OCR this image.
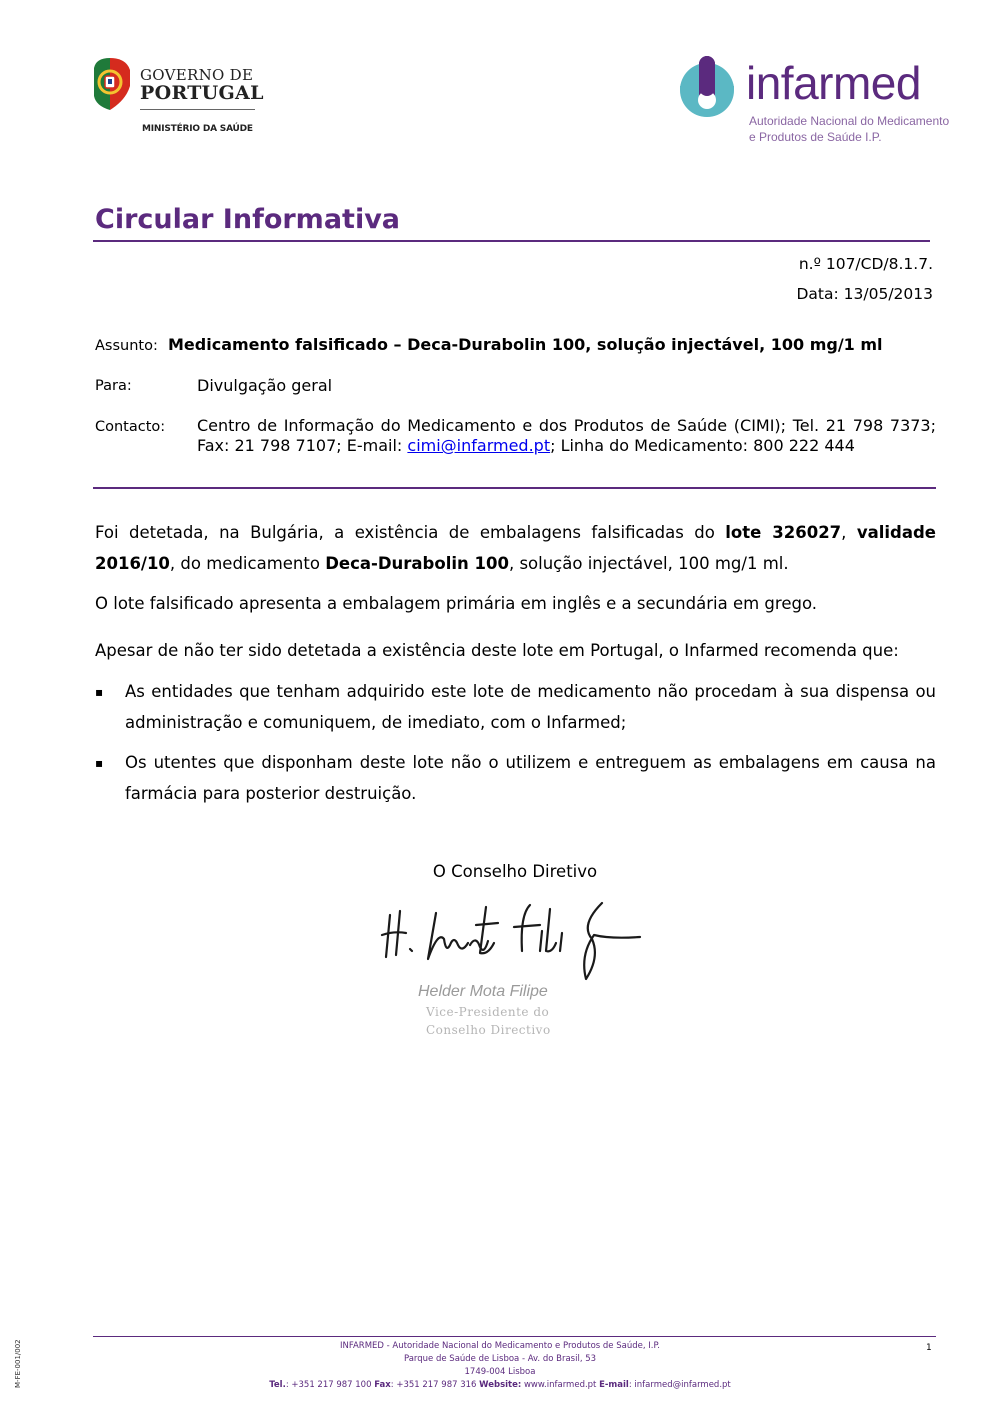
GOVERNO DE
PORTUGAL
MINISTÉRIO DA SAÚDE
infarmed
Autoridade Nacional do Medicamento
e Produtos de Saúde I.P.
Circular Informativa
n.º 107/CD/8.1.7.
Data: 13/05/2013
Assunto: Medicamento falsificado – Deca-Durabolin 100, solução injectável, 100 mg/1 ml
Para:	Divulgação geral
Contacto: Centro de Informação do Medicamento e dos Produtos de Saúde (CIMI); Tel. 21 798 7373; Fax: 21 798 7107; E-mail: cimi@infarmed.pt; Linha do Medicamento: 800 222 444
Foi detetada, na Bulgária, a existência de embalagens falsificadas do lote 326027, validade 2016/10, do medicamento Deca-Durabolin 100, solução injectável, 100 mg/1 ml.
O lote falsificado apresenta a embalagem primária em inglês e a secundária em grego.
Apesar de não ter sido detetada a existência deste lote em Portugal, o Infarmed recomenda que:
▪ As entidades que tenham adquirido este lote de medicamento não procedam à sua dispensa ou administração e comuniquem, de imediato, com o Infarmed;
▪ Os utentes que disponham deste lote não o utilizem e entreguem as embalagens em causa na farmácia para posterior destruição.
O Conselho Diretivo
Helder Mota Filipe
Vice-Presidente do
Conselho Directivo
INFARMED - Autoridade Nacional do Medicamento e Produtos de Saúde, I.P.
Parque de Saúde de Lisboa - Av. do Brasil, 53
1749-004 Lisboa
Tel.: +351 217 987 100 Fax: +351 217 987 316 Website: www.infarmed.pt E-mail: infarmed@infarmed.pt
1
M-FE-001/002
